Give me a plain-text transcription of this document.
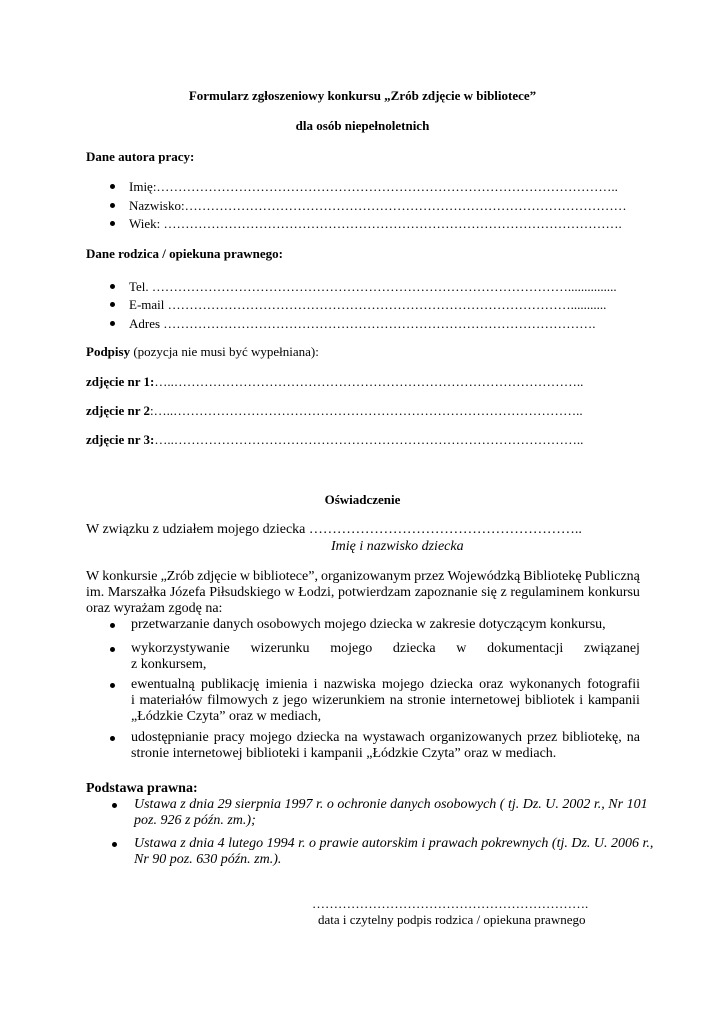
Formularz zgłoszeniowy konkursu „Zrób zdjęcie w bibliotece”
dla osób niepełnoletnich
Dane autora pracy:
Imię:……………………………………………………………………………………………..
Nazwisko:…………………………………………………………………………………………
Wiek: …………………………………………………………………………………………….
Dane rodzica / opiekuna prawnego:
Tel. ……………………………………………………………………………………...............
E-mail …………………………………………………………………………………...........
Adres ……………………………………………………………………………………….
Podpisy (pozycja nie musi być wypełniana):
zdjęcie nr 1:…..…………………………………………………………………………………..
zdjęcie nr 2:…..…………………………………………………………………………………..
zdjęcie nr 3:…..…………………………………………………………………………………..
Oświadczenie
W związku z udziałem mojego dziecka …………………………………………………..
Imię i nazwisko dziecka
W konkursie „Zrób zdjęcie w bibliotece”, organizowanym przez Wojewódzką Bibliotekę Publiczną
im. Marszałka Józefa Piłsudskiego w Łodzi, potwierdzam zapoznanie się z regulaminem konkursu
oraz wyrażam zgodę na:
przetwarzanie danych osobowych mojego dziecka w zakresie dotyczącym konkursu,
wykorzystywanie wizerunku mojego dziecka w dokumentacji związanej
z konkursem,
ewentualną publikację imienia i nazwiska mojego dziecka oraz wykonanych fotografii
i materiałów filmowych z jego wizerunkiem na stronie internetowej bibliotek i kampanii
„Łódzkie Czyta” oraz w mediach,
udostępnianie pracy mojego dziecka na wystawach organizowanych przez bibliotekę, na
stronie internetowej biblioteki i kampanii „Łódzkie Czyta” oraz w mediach.
Podstawa prawna:
Ustawa z dnia 29 sierpnia 1997 r. o ochronie danych osobowych ( tj. Dz. U. 2002 r., Nr 101
poz. 926 z późn. zm.);
Ustawa z dnia 4 lutego 1994 r. o prawie autorskim i prawach pokrewnych (tj. Dz. U. 2006 r.,
Nr 90 poz. 630 późn. zm.).
……………………………………………………….
data i czytelny podpis rodzica / opiekuna prawnego
